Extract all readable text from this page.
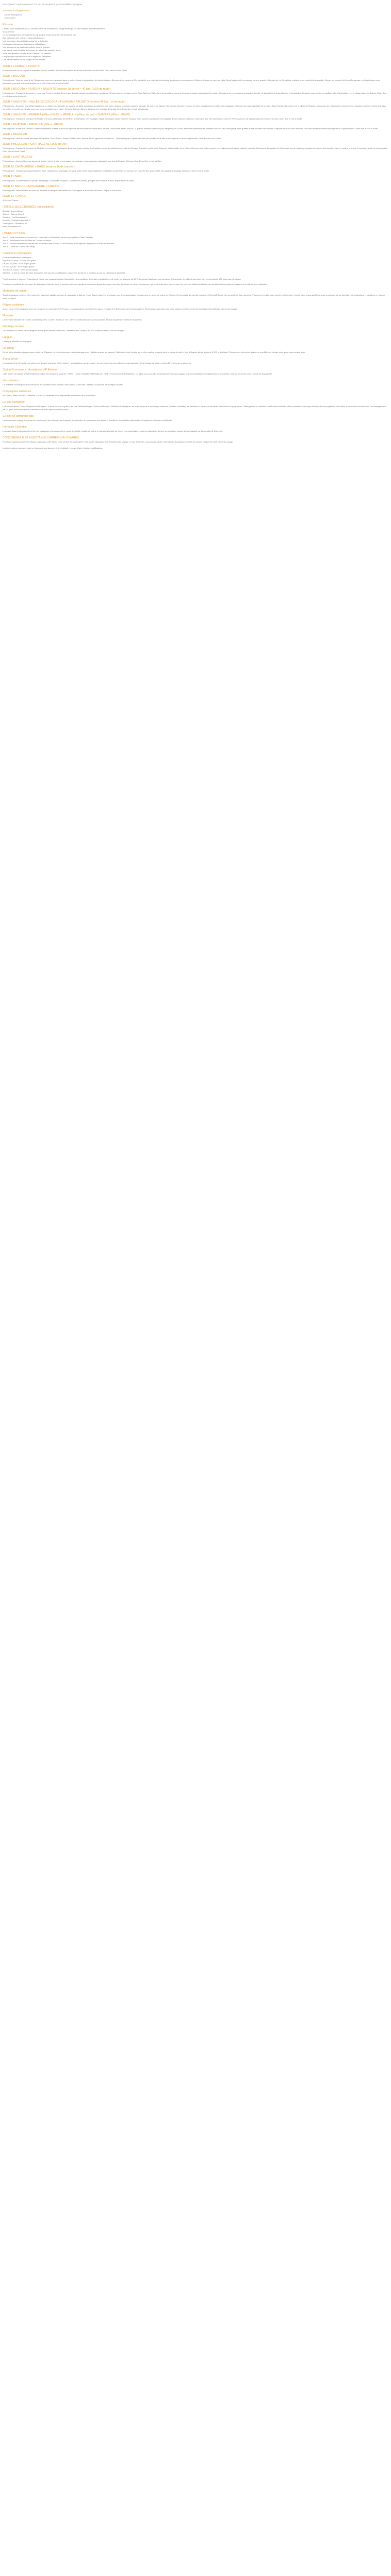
Description Ce prix comprend / Ce prix ne comprend pas Formalités Consignes
Services et équipements
• Guide francophone
• Conducteur
Résumé

Laissez-vous surprendre par la Colombie, terre de contrastes au visage étoilé qui est une invitation à l'émerveillement.

Vous aimerez

Un accompagnement francophone tout le long du circuit à compter du deuxième jour

Des nuits dans des hôtels et haciendas typiques

Une immersion dans la triade unique de la Colombie

Les joyaux coloniaux de Carthagène et Barichara

Une découverte du patrimoine caféier dans le Quindío

Une balade dans la vallée de Cocora, au milieu des palmiers à cire

Visite des quartiers colorés de la Comuna 13 à Medellín

Les paysages spectaculaires de la région du Santander

Une pause détente sur les plages de San Andrés

JOUR 1 FRANCE > BOGOTA

Embarquement sur vol régulier à destination de la Colombie. Accueil francophone à l'arrivée et transfert à votre hôtel. Dîner libre et nuit à l'hôtel.

JOUR 2 BOGOTA

Petit-déjeuner. Visite du marché de Paloquemao pour une immersion dans la culture locale et dégustation de fruits exotiques. Découverte du musée de l'Or, qui abrite une collection inestimable de pièces précolombiennes. Déjeuner typique en cours de visite. Dans l'après-midi, promenade dans le quartier historique de La Candelaria, véritable cœur colonial de la capitale. Montée au sommet du Cerro Monserrate, en téléphérique ou en funiculaire, pour une vue panoramique sur la ville. Dîner libre et nuit à l'hôtel.

JOUR 3 BOGOTA > PEREIRA > SALENTO (environ 1h de vol + 40 km - 1h20 de route)

Petit-déjeuner. Transfert à l'aéroport et envol pour Pereira, capitale de la région du café, classée au patrimoine mondial de l'Unesco. Arrivée et route vers la Zona Cafetera. Visite d'une finca caféière, cœur de l'économie locale depuis plus d'un siècle. Découverte du processus de production du café, de la cueillette à la torréfaction, et dégustation. Déjeuner dans une ferme traditionnelle. Continuation vers le village coloré de Salento. Dîner libre et nuit dans votre hacienda.

JOUR 4 SALENTO > VALLÉE DE COCORA > FILANDIA > SALENTO (environ 40 km - 1h de route)

Petit-déjeuner. Départ en jeep Willys (typique de la région) pour la vallée de Cocora, véritable sanctuaire du palmier à cire, arbre national colombien qui peut atteindre 60 mètres de hauteur. Randonnée d'environ 2h dans ce décor exceptionnel au milieu des montagnes. Déjeuner de truite, spécialité de la région. Dans l'après-midi, route vers le village de Filandia, connu pour son artisanat de vannerie et ses façades colorées. Promenade dans les ruelles et montée au mirador pour une vue imprenable sur la vallée. Retour à Salento, flânerie dans les rues animées de la calle Real. Dîner libre et nuit à l'hacienda.

JOUR 5 SALENTO > PEREIRA (40km-01h20) > MEDELLIN (45mn de vol) > GUATAPÉ (60km - 01h20)

Petit-déjeuner. Transfert à l'aéroport de Pereira et envol à destination de Medellín. Continuation vers Guatapé, village pittoresque réputé pour ses zócalos, frises colorées qui décorent les façades de ses maisons. Déjeuner. Ascension des 740 marches du rocher El Peñol pour une vue spectaculaire sur le lac et ses îles. Dîner libre et nuit à l'hôtel.

JOUR 6 GUATAPE > MEDELLIN (60km - 01h30)

Petit-déjeuner. Route vers Medellín, autrefois tristement célèbre, aujourd'hui symbole de renouveau et d'innovation urbaine. Découverte de la Comuna 13, quartier autrefois parmi les plus dangereux de la ville, désormais transformé en véritable musée à ciel ouvert grâce à ses graffitis et ses escaliers mécaniques. Déjeuner local en cours de visite. Puis découverte du centre historique et de la place Botero. Dîner libre et nuit à l'hôtel.

JOUR 7 MEDELLIN

Petit-déjeuner. Visite du centre historique de Medellín : Plaza Botero, Palacio Rafael Uribe, Parque Berrío, Iglesia de la Veracruz... Déjeuner typique. Après-midi libre pour profiter de la ville à votre rythme ou activité optionnelle. Dîner libre et nuit à l'hôtel.

JOUR 8 MEDELLIN > CARTHAGÈNE (1h20 de vol)

Petit-déjeuner. Transfert à l'aéroport de Medellín et envol pour Carthagène des Indes, joyau colonial des Caraïbes classé au patrimoine mondial de l'Unesco. Transfert à votre hôtel. Déjeuner. Visite guidée de la ville fortifiée avec ses ruelles pavées, ses balcons fleuris et ses maisons colorées. Découverte du quartier de Getsemaní, ancien faubourg populaire devenu un lieu branché, haut en couleur et animé. Coucher de soleil sur les remparts. Dîner libre et nuit à l'hôtel.

JOUR 9 CARTHAGÈNE

Petit-déjeuner. Journée libre pour découvrir à votre rythme la ville et ses plages, ou participer à une excursion optionnelle aux îles du Rosario. Déjeuner libre. Dîner libre et nuit à l'hôtel.

JOUR 10 CARTHAGÈNE > BARU (environ 1h de transfert)

Petit-déjeuner. Transfert vers la péninsule de Barú, réputée pour ses plages de sable blanc et ses eaux cristallines. Installation à votre hôtel en bord de mer. Journée libre pour profiter des plaisirs de la plage. Déjeuner, dîner et nuit à l'hôtel.

JOUR 11 BARU

Petit-déjeuner. Journée libre pour profiter de la plage, ou activités en option : excursion en bateau, plongée avec masque et tuba. Repas et nuit à l'hôtel.

JOUR 12 BARU > CARTHAGÈNE > FRANCE

Petit-déjeuner. Selon l'horaire de votre vol, transfert à l'aéroport international de Carthagène et envol vers la France. Repas et nuit à bord.

JOUR 13 FRANCE

Arrivée en France.

HÔTELS SÉLECTIONNÉS (ou similaires)

Bogota : Tequendama 4*

Salento : Salento Real 3*

Guatapé : Los Recuerdos 3*

Medellín : Poblado Alejandría 4*

Carthagène : 3 Banderas 4*

Barú : Decameron 4*

PACKS OPTIONS

Jour 3 : Visite immersive et exclusive de l'Hacienda La Esmeralda, ancienne propriété de Pablo Escobar.

Jour 4 : Randonnée dans la Vallée de Cocora en cheval.

Jour 9 : Journée détente sur une des îles du Rosario (Isla Grande ou Isla Bomba) avec déjeuner de poisson et boissons incluses.

Jour 10 : Visite de Castillo San Felipe.

Conditions d'annulation

Frais de modification / annulation :

A plus de 30 jours : 10% du prix global

De 30 à 15 jours : 40 % du prix global

De 14 à 7 jours : 60 % du prix global

A moins de 7 jours : 100% du prix global

Attention : le prix du forfait de votre séjour peut être soumis à modification, notamment du fait de la variation du prix du carburant et des taxes.

Pour les ventes en agence, l'inscription à l'un de nos voyages implique l'acceptation des conditions générales et particulières de vente. Un acompte de 30 % du montant total vous sera demandé à l'inscription, le solde devant nous parvenir au plus tard 35 jours avant le départ.

Pour toute annulation de votre part, les frais seront calculés selon le barème ci-dessus, appliqué au montant global du voyage hors frais de dossier et primes d'assurance, qui restent dus dans tous les cas. Les prix sont établis sur la base des conditions économiques en vigueur à la date de leur publication.

Modalités de séjour :

Tous les voyageurs doivent être munis d'un passeport valable au moins 6 mois après la date de retour. Aucun visa n'est nécessaire pour les ressortissants français pour un séjour de moins de 90 jours. Un formulaire de contrôle migratoire (Check-MIG) doit être complété en ligne dans les 72 heures précédant votre arrivée en Colombie. Il est de votre responsabilité de vous renseigner sur les formalités administratives et sanitaires en vigueur avant le départ.

Règles sanitaires :

Aucun vaccin n'est obligatoire pour les voyageurs en provenance de France. Les vaccinations contre la fièvre jaune, l'hépatite A et la typhoïde sont recommandées. Renseignez-vous auprès de votre médecin ou d'un centre de vaccination internationale avant votre départ.

Monnaie

La monnaie nationale est le peso colombien (COP). 1 EUR = environ 4 700 COP. Les cartes bancaires sont acceptées dans la majorité des hôtels et restaurants.

Décalage horaire

La Colombie a 6 heures de décalage de moins qu'en France en hiver et 7 heures en été. Lorsqu'il est 12h à Paris en hiver, il est 6h à Bogota.

Langue

La langue officielle est l'espagnol.

Le climat

Du fait de sa situation géographique proche de l'Équateur, le climat colombien varie davantage avec l'altitude qu'avec les saisons. Il fait chaud toute l'année sur la côte caraïbe, tempéré dans la région du café et frais à Bogota, située à plus de 2 600 m d'altitude. Prévoyez des vêtements adaptés à ces différents climats, ainsi qu'un imperméable léger.

Bon à savoir

Le courant est de 110 volts. Les prises sont de type américain (fiches plates) : un adaptateur est nécessaire. Le pourboire n'est pas obligatoire mais apprécié ; il est d'usage de laisser environ 10 % dans les restaurants.

Option Fournisseur : Assistance VIP Aéroport

Cette option est valable UNIQUEMENT au départ des aéroports suivants : PARIS / LYON / NANTES / MARSEILLE / NICE / TOULOUSE et BORDEAUX. Un agent vous accueille à l'aéroport et vous accompagne lors des formalités d'enregistrement et de contrôle. Tarif par personne, sous réserve de disponibilité.

Vous aimerez

Un itinéraire complet pour découvrir toutes les facettes de la Colombie, des Andes à la mer des Caraïbes, en passant par la région du café.

Compagnies aériennes

Air France, Iberia, Avianca, Lufthansa, LATAM ou similaires selon disponibilité au moment de la réservation.

Ce prix comprend

Le transport aérien France / Bogota et Carthagène / France sur vols réguliers, les vols intérieurs Bogota / Pereira et Pereira / Medellín / Carthagène, les taxes aéroport et surcharges carburant (montant révisable), les transferts et transports terrestres mentionnés au programme, l'hébergement en chambre double dans les hôtels cités ou similaires, les repas mentionnés au programme, les visites et excursions mentionnées, l'accompagnement par un guide local francophone, l'assistance de notre représentant sur place.

Ce prix ne comprend pas

Les assurances voyage, les repas non mentionnés, les boissons, les dépenses personnelles, les pourboires aux guides et chauffeurs, les activités optionnelles, le supplément chambre individuelle.

Formalité Colombie

Les ressortissants français doivent être en possession d'un passeport en cours de validité, valable au moins 6 mois après la date de retour. Les ressortissants d'autres nationalités doivent se renseigner auprès de l'ambassade ou du consulat de Colombie.

CONCIERGERIE ET ASSISTANCE CARREFOUR VOYAGES

Pour toute question avant votre départ ou pendant votre séjour, notre service de conciergerie reste à votre disposition 7j/7. Pendant votre voyage, en cas de besoin, vous pouvez joindre notre service d'assistance 24h/24 au numéro indiqué sur votre carnet de voyage.

Les informations contenues dans ce document sont données à titre indicatif et peuvent faire l'objet de modifications.
